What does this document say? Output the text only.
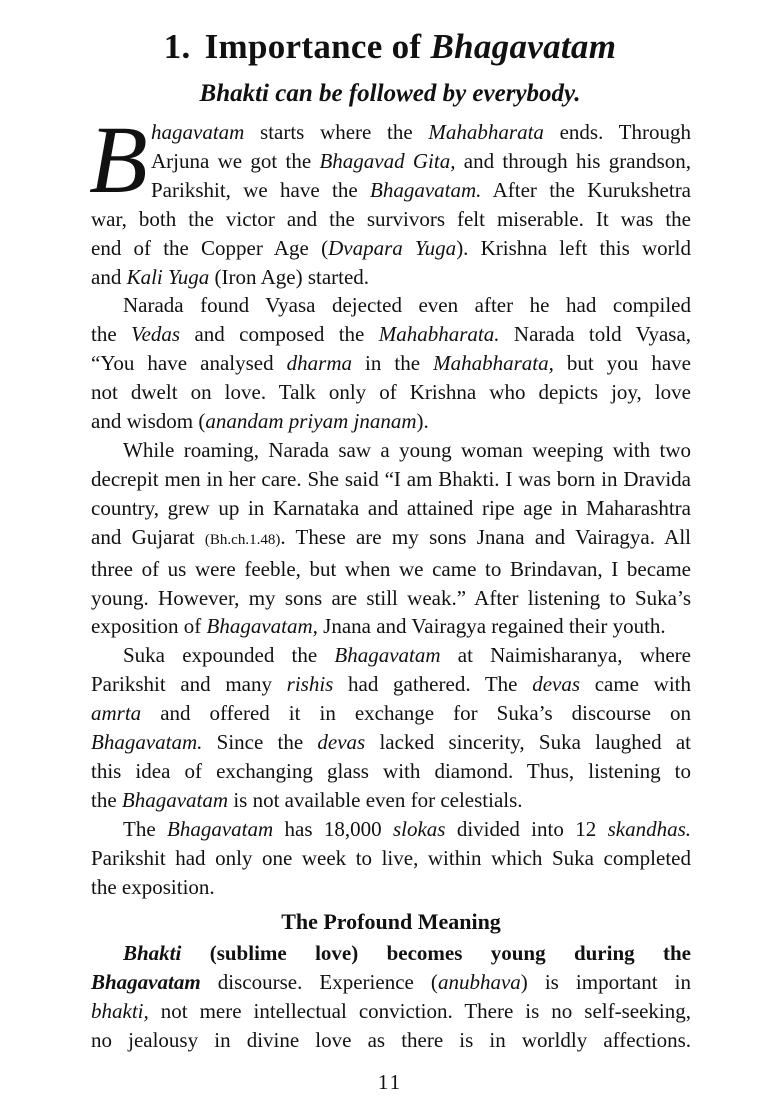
1. Importance of Bhagavatam
Bhakti can be followed by everybody.
B hagavatam starts where the Mahabharata ends. Through
Arjuna we got the Bhagavad Gita, and through his grandson,
Parikshit, we have the Bhagavatam. After the Kurukshetra
war, both the victor and the survivors felt miserable. It was the
end of the Copper Age (Dvapara Yuga). Krishna left this world
and Kali Yuga (Iron Age) started.
Narada found Vyasa dejected even after he had compiled
the Vedas and composed the Mahabharata. Narada told Vyasa,
“You have analysed dharma in the Mahabharata, but you have
not dwelt on love. Talk only of Krishna who depicts joy, love
and wisdom (anandam priyam jnanam).
While roaming, Narada saw a young woman weeping with two
decrepit men in her care. She said “I am Bhakti. I was born in Dravida
country, grew up in Karnataka and attained ripe age in Maharashtra
and Gujarat (Bh.ch.1.48). These are my sons Jnana and Vairagya. All
three of us were feeble, but when we came to Brindavan, I became
young. However, my sons are still weak.” After listening to Suka’s
exposition of Bhagavatam, Jnana and Vairagya regained their youth.
Suka expounded the Bhagavatam at Naimisharanya, where
Parikshit and many rishis had gathered. The devas came with
amrta and offered it in exchange for Suka’s discourse on
Bhagavatam. Since the devas lacked sincerity, Suka laughed at
this idea of exchanging glass with diamond. Thus, listening to
the Bhagavatam is not available even for celestials.
The Bhagavatam has 18,000 slokas divided into 12 skandhas.
Parikshit had only one week to live, within which Suka completed
the exposition.
The Profound Meaning
Bhakti (sublime love) becomes young during the
Bhagavatam discourse. Experience (anubhava) is important in
bhakti, not mere intellectual conviction. There is no self-seeking,
no jealousy in divine love as there is in worldly affections.
11
